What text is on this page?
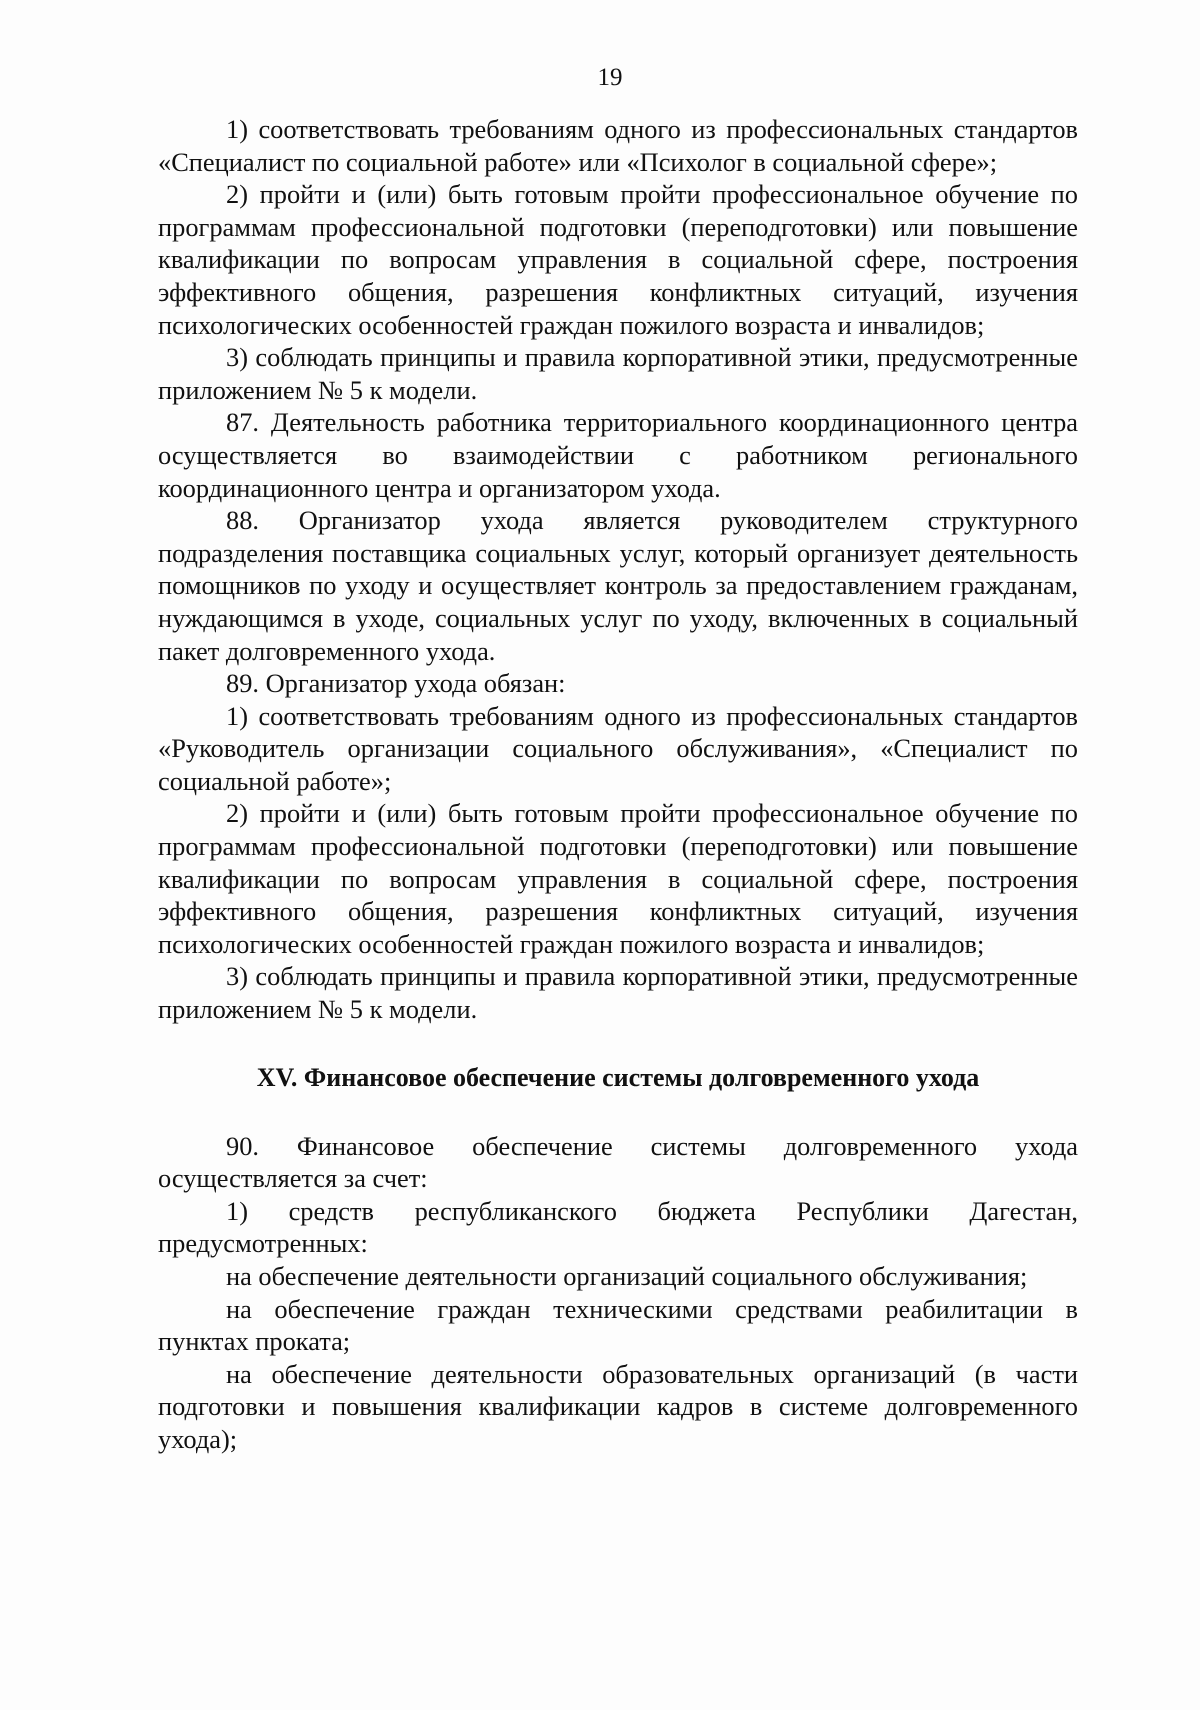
19

1) соответствовать требованиям одного из профессиональных стандартов «Специалист по социальной работе» или «Психолог в социальной сфере»;

2) пройти и (или) быть готовым пройти профессиональное обучение по программам профессиональной подготовки (переподготовки) или повышение квалификации по вопросам управления в социальной сфере, построения эффективного общения, разрешения конфликтных ситуаций, изучения психологических особенностей граждан пожилого возраста и инвалидов;

3) соблюдать принципы и правила корпоративной этики, предусмотренные приложением № 5 к модели.

87. Деятельность работника территориального координационного центра осуществляется во взаимодействии с работником регионального координационного центра и организатором ухода.

88. Организатор ухода является руководителем структурного подразделения поставщика социальных услуг, который организует деятельность помощников по уходу и осуществляет контроль за предоставлением гражданам, нуждающимся в уходе, социальных услуг по уходу, включенных в социальный пакет долговременного ухода.

89. Организатор ухода обязан:

1) соответствовать требованиям одного из профессиональных стандартов «Руководитель организации социального обслуживания», «Специалист по социальной работе»;

2) пройти и (или) быть готовым пройти профессиональное обучение по программам профессиональной подготовки (переподготовки) или повышение квалификации по вопросам управления в социальной сфере, построения эффективного общения, разрешения конфликтных ситуаций, изучения психологических особенностей граждан пожилого возраста и инвалидов;

3) соблюдать принципы и правила корпоративной этики, предусмотренные приложением № 5 к модели.

XV. Финансовое обеспечение системы долговременного ухода

90. Финансовое обеспечение системы долговременного ухода осуществляется за счет:

1) средств республиканского бюджета Республики Дагестан, предусмотренных:

на обеспечение деятельности организаций социального обслуживания;

на обеспечение граждан техническими средствами реабилитации в пунктах проката;

на обеспечение деятельности образовательных организаций (в части подготовки и повышения квалификации кадров в системе долговременного ухода);
